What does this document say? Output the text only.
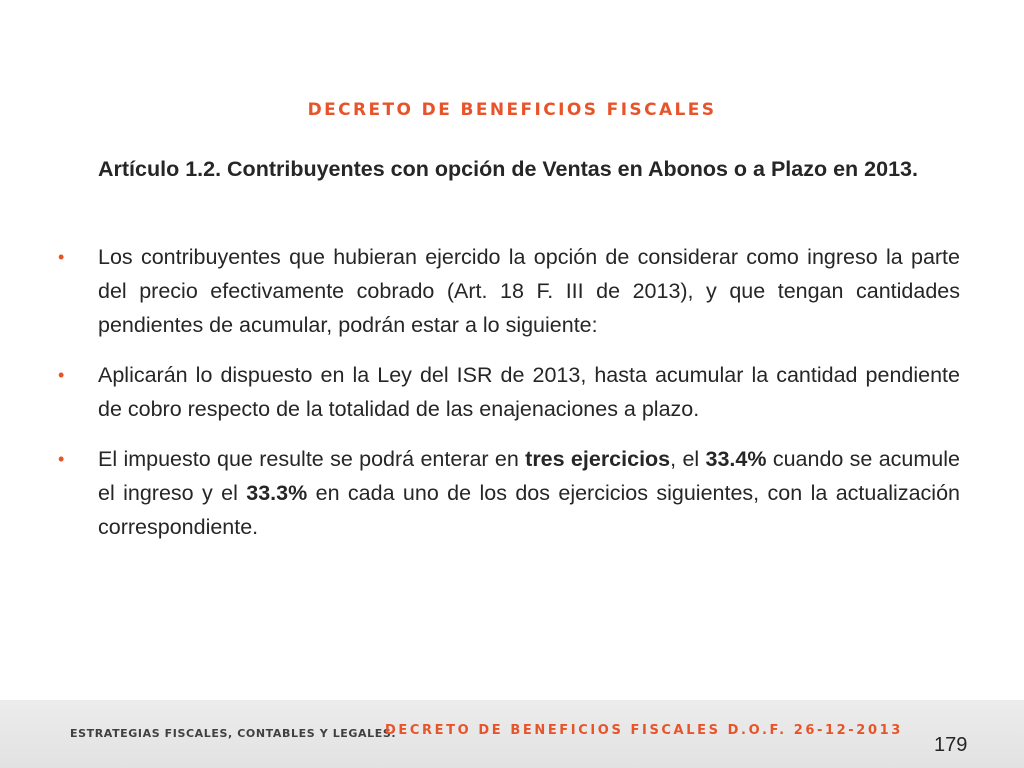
DECRETO DE BENEFICIOS FISCALES
Artículo 1.2. Contribuyentes con opción de Ventas en Abonos o a Plazo en 2013.
• Los contribuyentes que hubieran ejercido la opción de considerar como ingreso la parte del precio efectivamente cobrado (Art. 18 F. III de 2013), y que tengan cantidades pendientes de acumular, podrán estar a lo siguiente:
• Aplicarán lo dispuesto en la Ley del ISR de 2013, hasta acumular la cantidad pendiente de cobro respecto de la totalidad de las enajenaciones a plazo.
• El impuesto que resulte se podrá enterar en tres ejercicios, el 33.4% cuando se acumule el ingreso y el 33.3% en cada uno de los dos ejercicios siguientes, con la actualización correspondiente.
ESTRATEGIAS FISCALES, CONTABLES Y LEGALES.
DECRETO DE BENEFICIOS FISCALES D.O.F. 26-12-2013
179
